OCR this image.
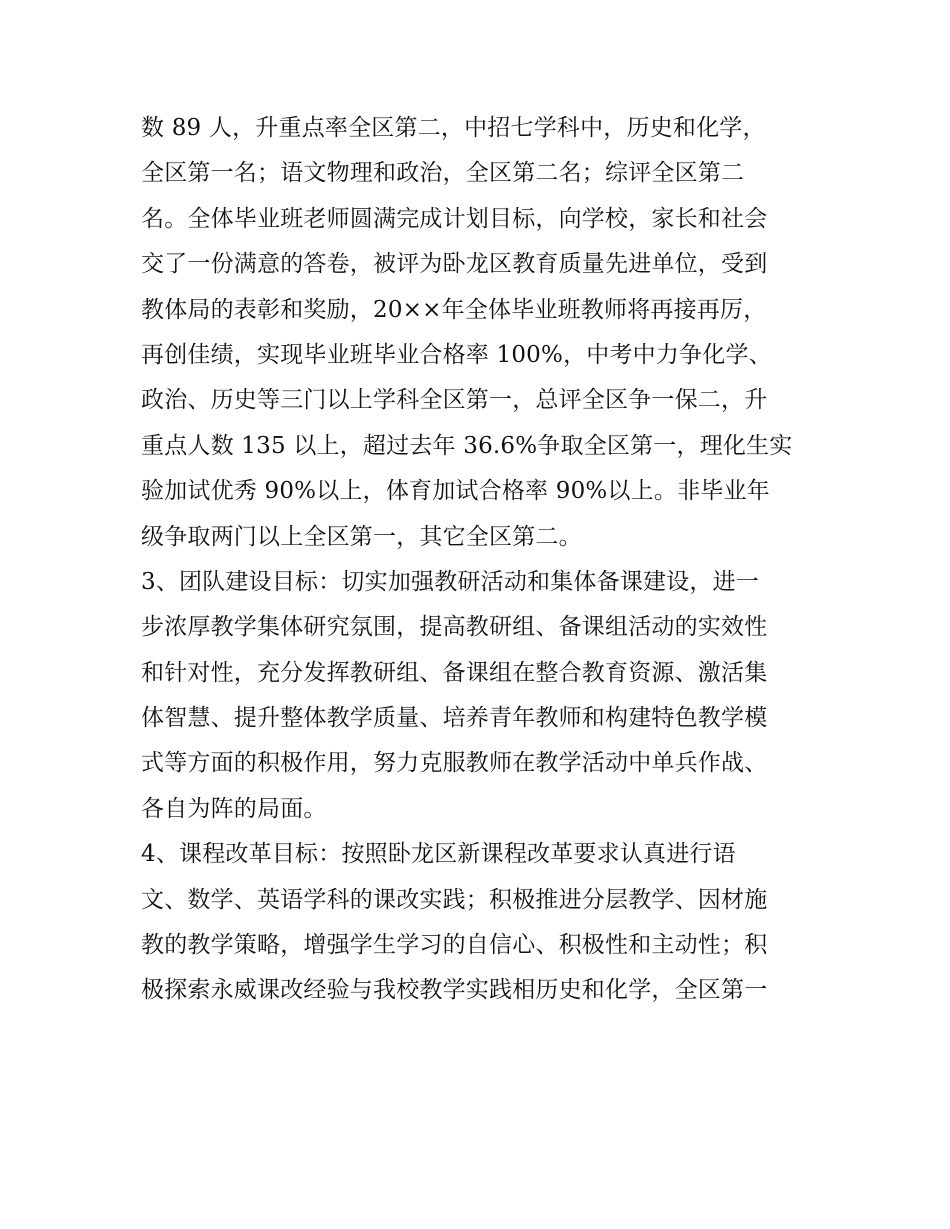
数 89 人，升重点率全区第二，中招七学科中，历史和化学，
全区第一名；语文物理和政治，全区第二名；综评全区第二
名。全体毕业班老师圆满完成计划目标，向学校，家长和社会
交了一份满意的答卷，被评为卧龙区教育质量先进单位，受到
教体局的表彰和奖励，20××年全体毕业班教师将再接再厉，
再创佳绩，实现毕业班毕业合格率 100%，中考中力争化学、
政治、历史等三门以上学科全区第一，总评全区争一保二，升
重点人数 135 以上，超过去年 36.6%争取全区第一，理化生实
验加试优秀 90%以上，体育加试合格率 90%以上。非毕业年
级争取两门以上全区第一，其它全区第二。
3、团队建设目标：切实加强教研活动和集体备课建设，进一
步浓厚教学集体研究氛围，提高教研组、备课组活动的实效性
和针对性，充分发挥教研组、备课组在整合教育资源、激活集
体智慧、提升整体教学质量、培养青年教师和构建特色教学模
式等方面的积极作用，努力克服教师在教学活动中单兵作战、
各自为阵的局面。
4、课程改革目标：按照卧龙区新课程改革要求认真进行语
文、数学、英语学科的课改实践；积极推进分层教学、因材施
教的教学策略，增强学生学习的自信心、积极性和主动性；积
极探索永威课改经验与我校教学实践相历史和化学，全区第一
